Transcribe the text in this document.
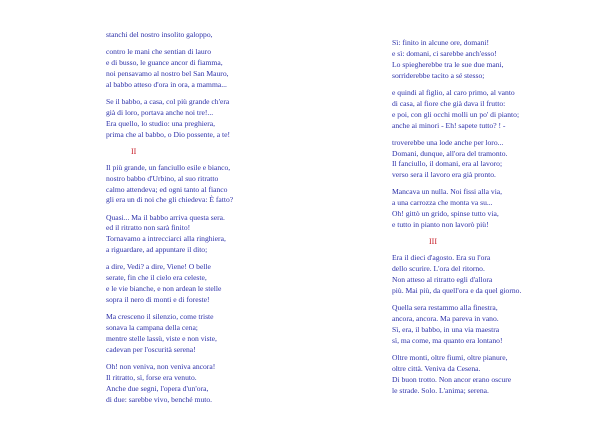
stanchi del nostro insolito galoppo,
contro le mani che sentian di lauro
e di busso, le guance ancor di fiamma,
noi pensavamo al nostro bel San Mauro,
al babbo atteso d'ora in ora, a mamma...
Se il babbo, a casa, col più grande ch'era
già di loro, portava anche noi tre!...
Era quello, lo studio: una preghiera,
prima che al babbo, o Dio possente, a te!
II
Il più grande, un fanciullo esile e bianco,
nostro babbo d'Urbino, al suo ritratto
calmo attendeva; ed ogni tanto al fianco
gli era un di noi che gli chiedeva: È fatto?
Quasi... Ma il babbo arriva questa sera.
ed il ritratto non sarà finito!
Tornavamo a intrecciarci alla ringhiera,
a riguardare, ad appuntare il dito;
a dire, Vedi? a dire, Viene! O belle
serate, fin che il cielo era celeste,
e le vie bianche, e non ardean le stelle
sopra il nero di monti e di foreste!
Ma cresceno il silenzio, come triste
sonava la campana della cena;
mentre stelle lassù, viste e non viste,
cadevan per l'oscurità serena!
Oh! non veniva, non veniva ancora!
Il ritratto, sì, forse era venuto.
Anche due segni, l'opera d'un'ora,
di due: sarebbe vivo, benché muto.
Sì: finito in alcune ore, domani!
e sì: domani, ci sarebbe anch'esso!
Lo spiegherebbe tra le sue due mani,
sorriderebbe tacito a sé stesso;
e quindi al figlio, al caro primo, al vanto
di casa, al fiore che già dava il frutto:
e poi, con gli occhi molli un po' di pianto;
anche ai minori - Eh! sapete tutto? ! -
troverebbe una lode anche per loro...
Domani, dunque, all'ora del tramonto.
Il fanciullo, il domani, era al lavoro;
verso sera il lavoro era già pronto.
Mancava un nulla. Noi fissi alla via,
a una carrozza che monta va su...
Oh! gittò un grido, spinse tutto via,
e tutto in pianto non lavorò più!
III
Era il dieci d'agosto. Era su l'ora
dello scurire. L'ora del ritorno.
Non atteso al ritratto egli d'allora
più. Mai più, da quell'ora e da quel giorno.
Quella sera restammo alla finestra,
ancora, ancora. Ma pareva in vano.
Sì, era, il babbo, in una via maestra
sì, ma come, ma quanto era lontano!
Oltre monti, oltre fiumi, oltre pianure,
oltre città. Veniva da Cesena.
Di buon trotto. Non ancor erano oscure
le strade. Solo. L'anima; serena.
